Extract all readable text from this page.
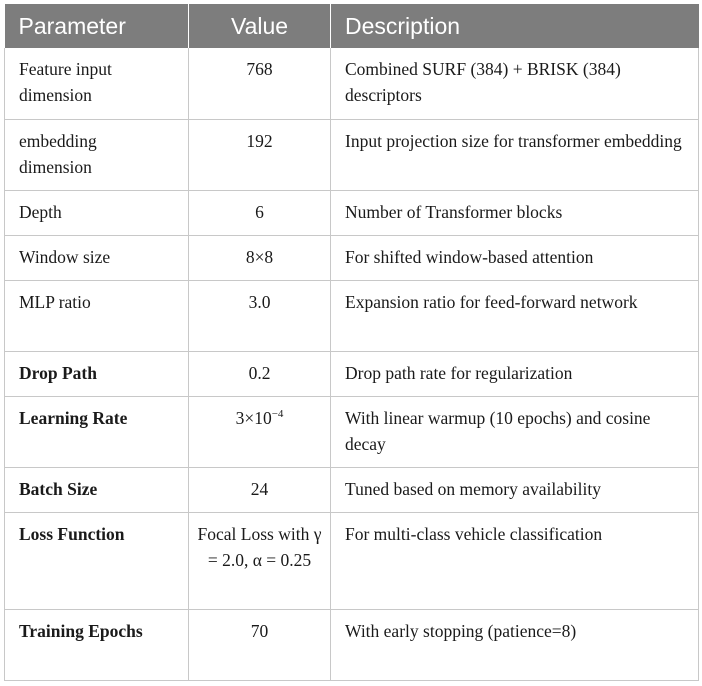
Parameter	Value	Description
Feature input dimension	768	Combined SURF (384) + BRISK (384) descriptors
embedding dimension	192	Input projection size for transformer embedding
Depth	6	Number of Transformer blocks
Window size	8×8	For shifted window-based attention
MLP ratio	3.0	Expansion ratio for feed-forward network
Drop Path	0.2	Drop path rate for regularization
Learning Rate	$3\times 10^{-4}$	With linear warmup (10 epochs) and cosine decay
Batch Size	24	Tuned based on memory availability
Loss Function	Focal Loss with γ = 2.0, α = 0.25	For multi-class vehicle classification
Training Epochs	70	With early stopping (patience=8)
